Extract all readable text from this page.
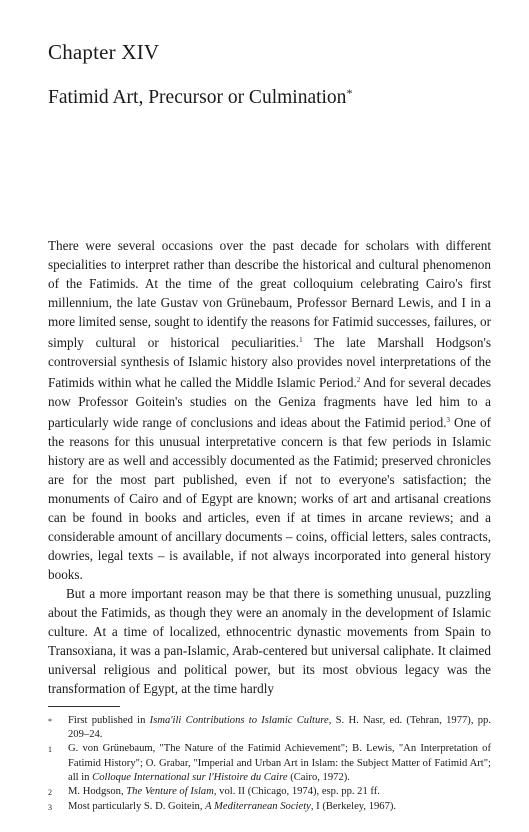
Chapter XIV
Fatimid Art, Precursor or Culmination*

There were several occasions over the past decade for scholars with different specialities to interpret rather than describe the historical and cultural phenomenon of the Fatimids. At the time of the great colloquium celebrating Cairo's first millennium, the late Gustav von Grünebaum, Professor Bernard Lewis, and I in a more limited sense, sought to identify the reasons for Fatimid successes, failures, or simply cultural or historical peculiarities.$^1$ The late Marshall Hodgson's controversial synthesis of Islamic history also provides novel interpretations of the Fatimids within what he called the Middle Islamic Period.$^2$ And for several decades now Professor Goitein's studies on the Geniza fragments have led him to a particularly wide range of conclusions and ideas about the Fatimid period.$^3$ One of the reasons for this unusual interpretative concern is that few periods in Islamic history are as well and accessibly documented as the Fatimid; preserved chronicles are for the most part published, even if not to everyone's satisfaction; the monuments of Cairo and of Egypt are known; works of art and artisanal creations can be found in books and articles, even if at times in arcane reviews; and a considerable amount of ancillary documents – coins, official letters, sales contracts, dowries, legal texts – is available, if not always incorporated into general history books.

But a more important reason may be that there is something unusual, puzzling about the Fatimids, as though they were an anomaly in the development of Islamic culture. At a time of localized, ethnocentric dynastic movements from Spain to Transoxiana, it was a pan-Islamic, Arab-centered but universal caliphate. It claimed universal religious and political power, but its most obvious legacy was the transformation of Egypt, at the time hardly

*	First published in Isma'ili Contributions to Islamic Culture, S. H. Nasr, ed. (Tehran, 1977), pp. 209–24.
1	G. von Grünebaum, "The Nature of the Fatimid Achievement"; B. Lewis, "An Interpretation of Fatimid History"; O. Grabar, "Imperial and Urban Art in Islam: the Subject Matter of Fatimid Art"; all in Colloque International sur l'Histoire du Caire (Cairo, 1972).
2	M. Hodgson, The Venture of Islam, vol. II (Chicago, 1974), esp. pp. 21 ff.
3	Most particularly S. D. Goitein, A Mediterranean Society, I (Berkeley, 1967).
